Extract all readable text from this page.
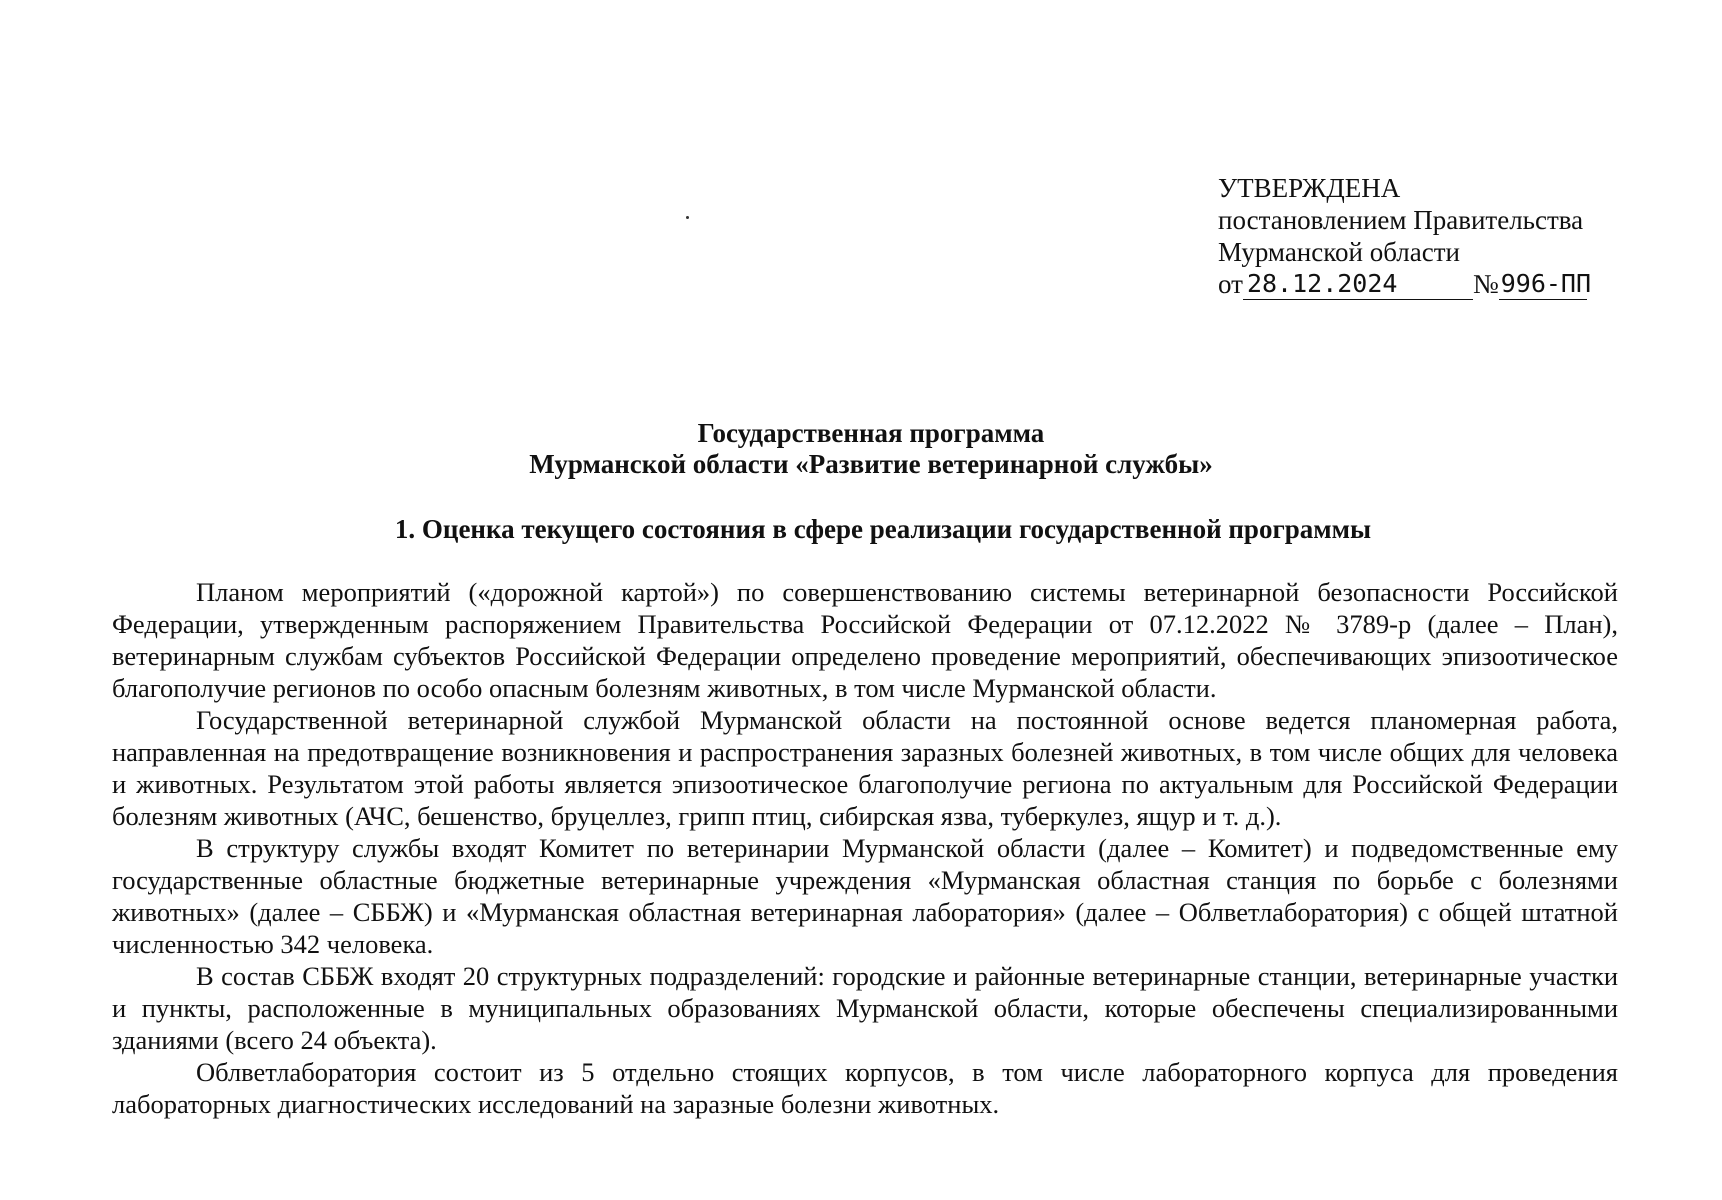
УТВЕРЖДЕНА
постановлением Правительства
Мурманской области
от 28.12.2024	№ 996-ПП
Государственная программа
Мурманской области «Развитие ветеринарной службы»
1. Оценка текущего состояния в сфере реализации государственной программы

Планом мероприятий («дорожной картой») по совершенствованию системы ветеринарной безопасности Российской Федерации, утвержденным распоряжением Правительства Российской Федерации от 07.12.2022 № 3789-р (далее – План), ветеринарным службам субъектов Российской Федерации определено проведение мероприятий, обеспечивающих эпизоотическое благополучие регионов по особо опасным болезням животных, в том числе Мурманской области.

Государственной ветеринарной службой Мурманской области на постоянной основе ведется планомерная работа, направленная на предотвращение возникновения и распространения заразных болезней животных, в том числе общих для человека и животных. Результатом этой работы является эпизоотическое благополучие региона по актуальным для Российской Федерации болезням животных (АЧС, бешенство, бруцеллез, грипп птиц, сибирская язва, туберкулез, ящур и т. д.).

В структуру службы входят Комитет по ветеринарии Мурманской области (далее – Комитет) и подведомственные ему государственные областные бюджетные ветеринарные учреждения «Мурманская областная станция по борьбе с болезнями животных» (далее – СББЖ) и «Мурманская областная ветеринарная лаборатория» (далее – Облветлаборатория) с общей штатной численностью 342 человека.

В состав СББЖ входят 20 структурных подразделений: городские и районные ветеринарные станции, ветеринарные участки и пункты, расположенные в муниципальных образованиях Мурманской области, которые обеспечены специализированными зданиями (всего 24 объекта).

Облветлаборатория состоит из 5 отдельно стоящих корпусов, в том числе лабораторного корпуса для проведения лабораторных диагностических исследований на заразные болезни животных.
